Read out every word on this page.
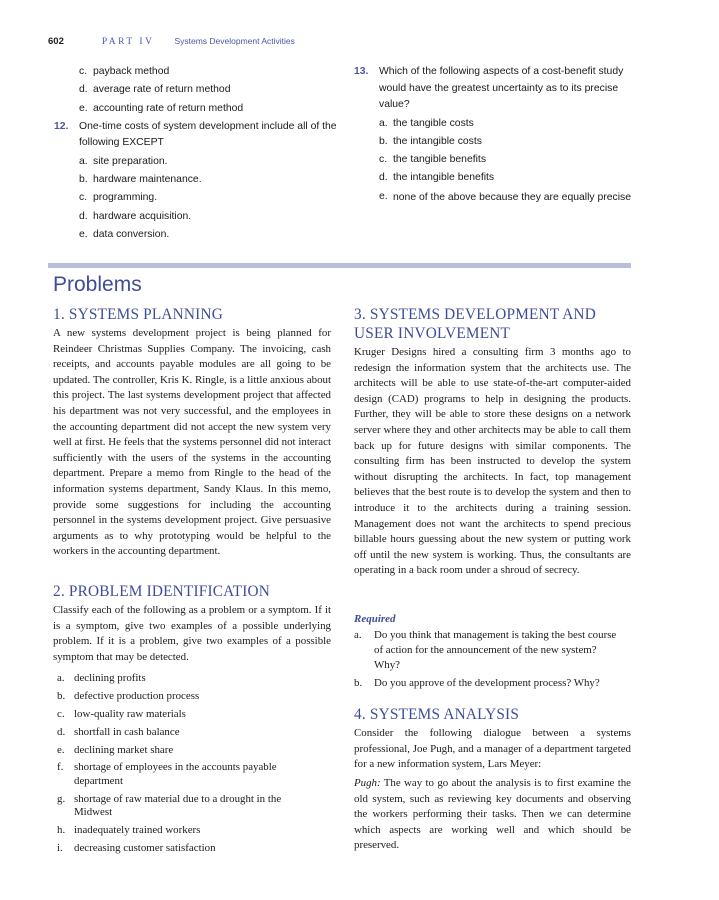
602	PART IV Systems Development Activities
c. payback method
d. average rate of return method
e. accounting rate of return method
12. One-time costs of system development include all of the following EXCEPT
a. site preparation.
b. hardware maintenance.
c. programming.
d. hardware acquisition.
e. data conversion.
13. Which of the following aspects of a cost-benefit study would have the greatest uncertainty as to its precise value?
a. the tangible costs
b. the intangible costs
c. the tangible benefits
d. the intangible benefits
e. none of the above because they are equally precise
Problems
1. SYSTEMS PLANNING
A new systems development project is being planned for Reindeer Christmas Supplies Company. The invoicing, cash receipts, and accounts payable modules are all going to be updated. The controller, Kris K. Ringle, is a little anxious about this project. The last systems development project that affected his department was not very successful, and the employees in the accounting department did not accept the new system very well at first. He feels that the systems personnel did not interact sufficiently with the users of the systems in the accounting department. Prepare a memo from Ringle to the head of the information systems department, Sandy Klaus. In this memo, provide some suggestions for including the accounting personnel in the systems development project. Give persuasive arguments as to why prototyping would be helpful to the workers in the accounting department.
2. PROBLEM IDENTIFICATION
Classify each of the following as a problem or a symptom. If it is a symptom, give two examples of a possible underlying problem. If it is a problem, give two examples of a possible symptom that may be detected.
a. declining profits
b. defective production process
c. low-quality raw materials
d. shortfall in cash balance
e. declining market share
f. shortage of employees in the accounts payable department
g. shortage of raw material due to a drought in the Midwest
h. inadequately trained workers
i. decreasing customer satisfaction
3. SYSTEMS DEVELOPMENT AND
USER INVOLVEMENT
Kruger Designs hired a consulting firm 3 months ago to redesign the information system that the architects use. The architects will be able to use state-of-the-art computer-aided design (CAD) programs to help in designing the products. Further, they will be able to store these designs on a network server where they and other architects may be able to call them back up for future designs with similar components. The consulting firm has been instructed to develop the system without disrupting the architects. In fact, top management believes that the best route is to develop the system and then to introduce it to the architects during a training session. Management does not want the architects to spend precious billable hours guessing about the new system or putting work off until the new system is working. Thus, the consultants are operating in a back room under a shroud of secrecy.
Required
a. Do you think that management is taking the best course of action for the announcement of the new system? Why?
b. Do you approve of the development process? Why?
4. SYSTEMS ANALYSIS
Consider the following dialogue between a systems professional, Joe Pugh, and a manager of a department targeted for a new information system, Lars Meyer:
Pugh: The way to go about the analysis is to first examine the old system, such as reviewing key documents and observing the workers performing their tasks. Then we can determine which aspects are working well and which should be preserved.
